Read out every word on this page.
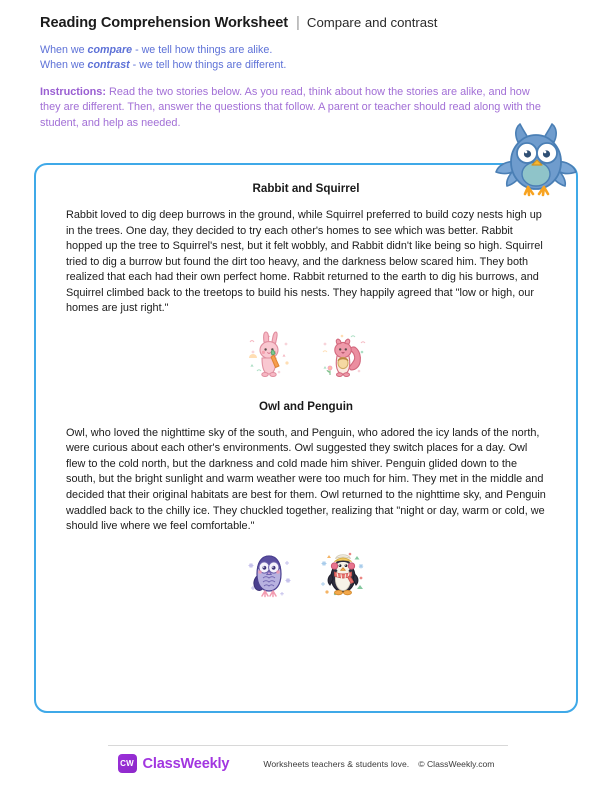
Reading Comprehension Worksheet | Compare and contrast
When we compare - we tell how things are alike.
When we contrast - we tell how things are different.
Instructions: Read the two stories below. As you read, think about how the stories are alike, and how they are different. Then, answer the questions that follow. A parent or teacher should read along with the student, and help as needed.
Rabbit and Squirrel
Rabbit loved to dig deep burrows in the ground, while Squirrel preferred to build cozy nests high up in the trees. One day, they decided to try each other's homes to see which was better. Rabbit hopped up the tree to Squirrel's nest, but it felt wobbly, and Rabbit didn't like being so high. Squirrel tried to dig a burrow but found the dirt too heavy, and the darkness below scared him. They both realized that each had their own perfect home. Rabbit returned to the earth to dig his burrows, and Squirrel climbed back to the treetops to build his nests. They happily agreed that "low or high, our homes are just right."
Owl and Penguin
Owl, who loved the nighttime sky of the south, and Penguin, who adored the icy lands of the north, were curious about each other's environments. Owl suggested they switch places for a day. Owl flew to the cold north, but the darkness and cold made him shiver. Penguin glided down to the south, but the bright sunlight and warm weather were too much for him. They met in the middle and decided that their original habitats are best for them. Owl returned to the nighttime sky, and Penguin waddled back to the chilly ice. They chuckled together, realizing that "night or day, warm or cold, we should live where we feel comfortable."
CW ClassWeekly	Worksheets teachers & students love. © ClassWeekly.com
